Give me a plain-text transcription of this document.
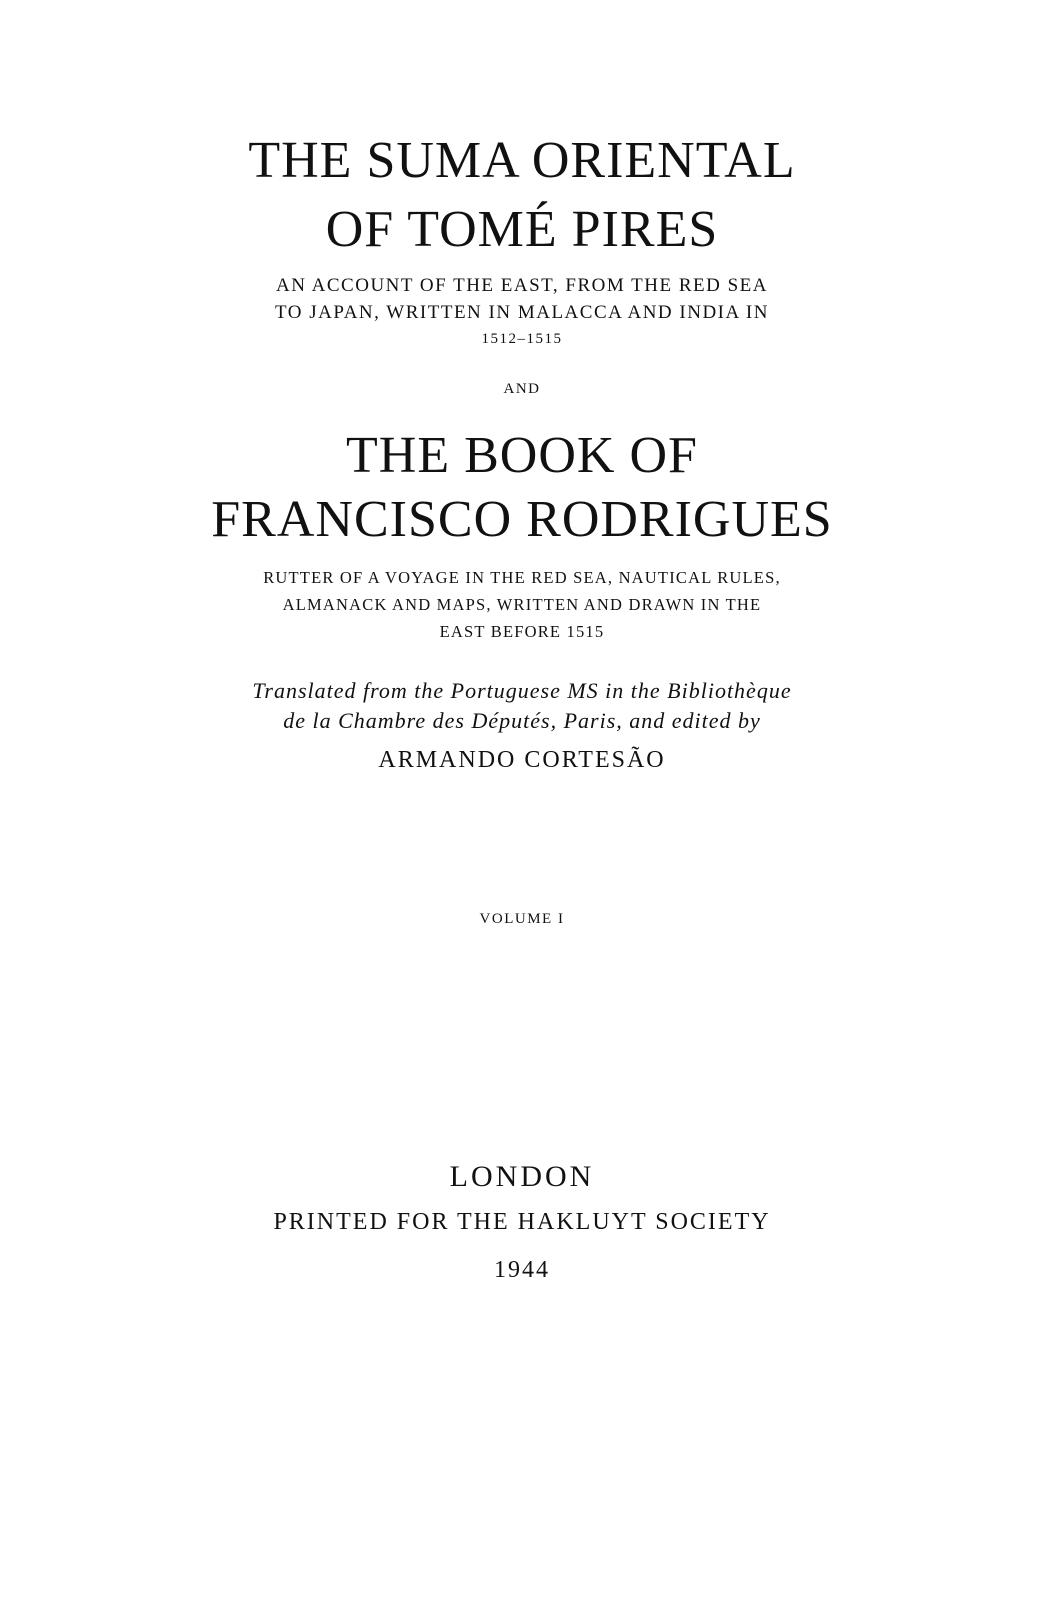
THE SUMA ORIENTAL

OF TOMÉ PIRES

AN ACCOUNT OF THE EAST, FROM THE RED SEA

TO JAPAN, WRITTEN IN MALACCA AND INDIA IN

1512–1515

AND

THE BOOK OF

FRANCISCO RODRIGUES

RUTTER OF A VOYAGE IN THE RED SEA, NAUTICAL RULES,

ALMANACK AND MAPS, WRITTEN AND DRAWN IN THE

EAST BEFORE 1515

Translated from the Portuguese MS in the Bibliothèque

de la Chambre des Députés, Paris, and edited by

ARMANDO CORTESÃO

VOLUME I

LONDON

PRINTED FOR THE HAKLUYT SOCIETY

1944
